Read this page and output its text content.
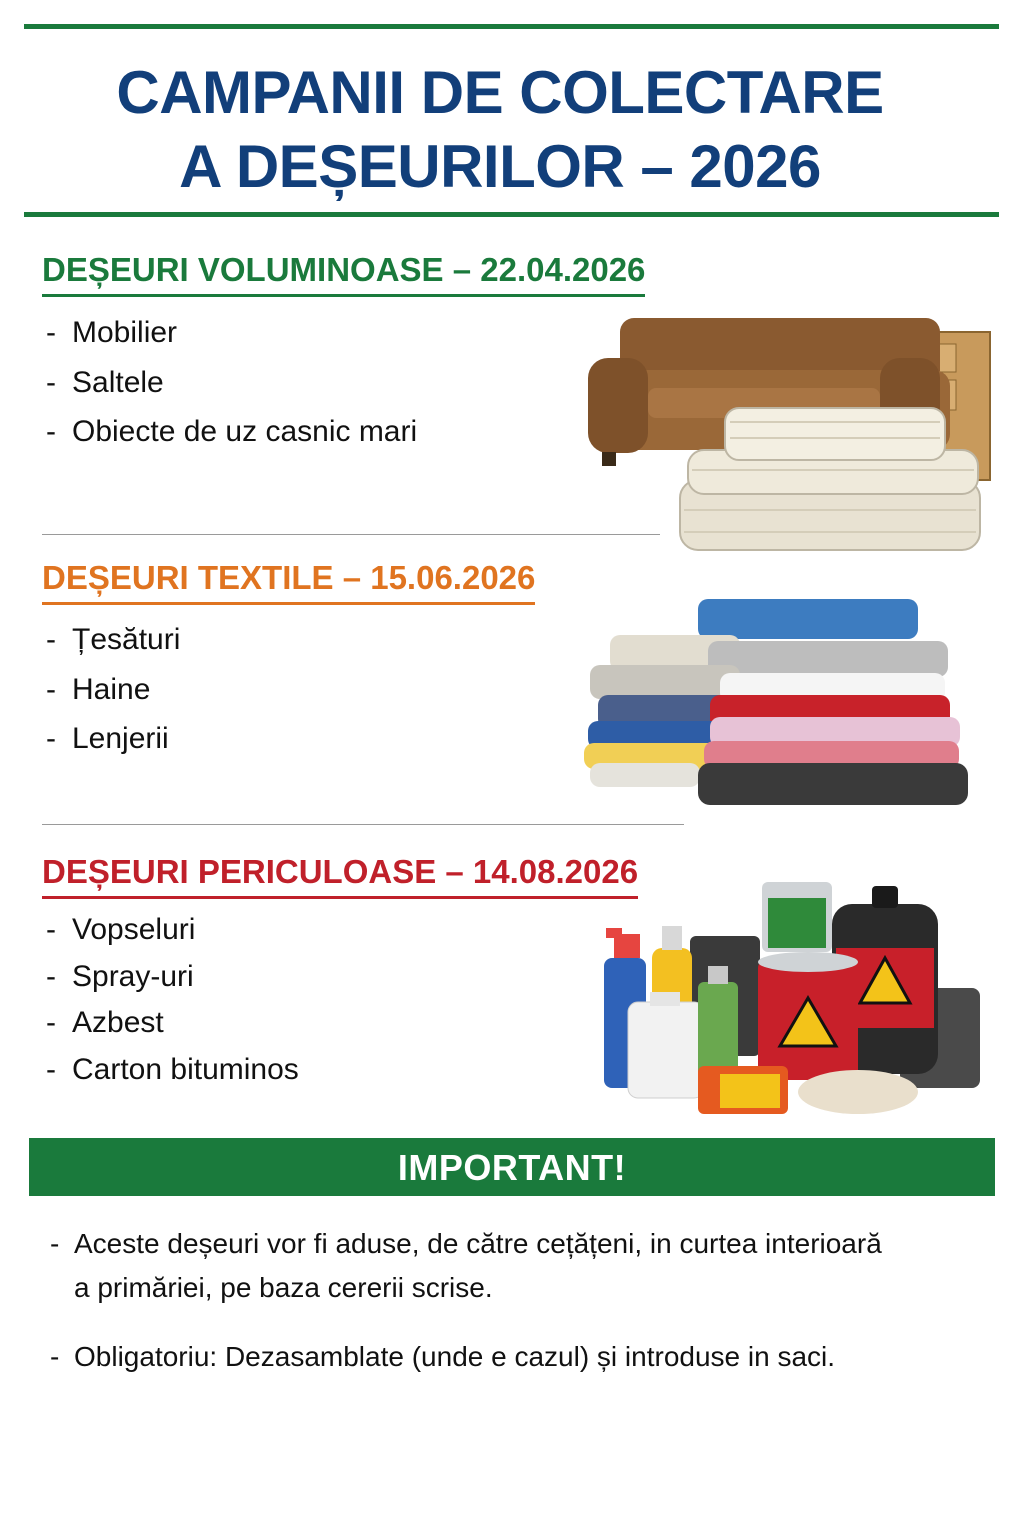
CAMPANII DE COLECTARE
A DEȘEURILOR – 2026
DEȘEURI VOLUMINOASE – 22.04.2026
- Mobilier
- Saltele
- Obiecte de uz casnic mari
DEȘEURI TEXTILE – 15.06.2026
- Țesături
- Haine
- Lenjerii
DEȘEURI PERICULOASE – 14.08.2026
- Vopseluri
- Spray-uri
- Azbest
- Carton bituminos
IMPORTANT!
- Aceste deșeuri vor fi aduse, de către cețățeni, in curtea interioară
a primăriei, pe baza cererii scrise.
- Obligatoriu: Dezasamblate (unde e cazul) și introduse in saci.
